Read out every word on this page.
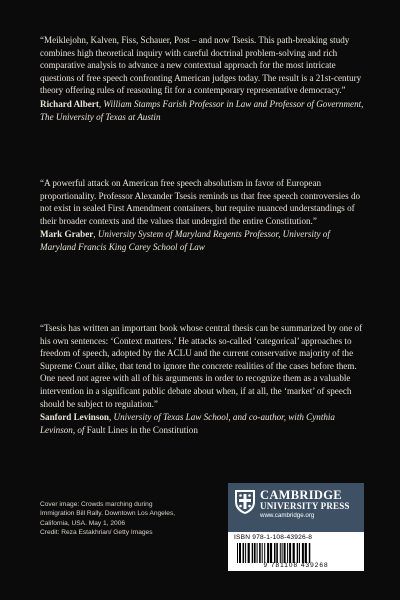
“Meiklejohn, Kalven, Fiss, Schauer, Post – and now Tsesis. This path-breaking study combines high theoretical inquiry with careful doctrinal problem-solving and rich comparative analysis to advance a new contextual approach for the most intricate questions of free speech confronting American judges today. The result is a 21st-century theory offering rules of reasoning fit for a contemporary representative democracy.”

Richard Albert, William Stamps Farish Professor in Law and Professor of Government, The University of Texas at Austin

“A powerful attack on American free speech absolutism in favor of European proportionality. Professor Alexander Tsesis reminds us that free speech controversies do not exist in sealed First Amendment containers, but require nuanced understandings of their broader contexts and the values that undergird the entire Constitution.”

Mark Graber, University System of Maryland Regents Professor, University of Maryland Francis King Carey School of Law

“Tsesis has written an important book whose central thesis can be summarized by one of his own sentences: ‘Context matters.’ He attacks so-called ‘categorical’ approaches to freedom of speech, adopted by the ACLU and the current conservative majority of the Supreme Court alike, that tend to ignore the concrete realities of the cases before them. One need not agree with all of his arguments in order to recognize them as a valuable intervention in a significant public debate about when, if at all, the ‘market’ of speech should be subject to regulation.”

Sanford Levinson, University of Texas Law School, and co-author, with Cynthia Levinson, of Fault Lines in the Constitution

Cover image: Crowds marching during
Immigration Bill Rally. Downtown Los Angeles,
California, USA. May 1, 2006
Credit: Reza Estakhrian/ Getty Images
CAMBRIDGE
UNIVERSITY PRESS
www.cambridge.org
ISBN 978-1-108-43926-8
9 781108 439268
